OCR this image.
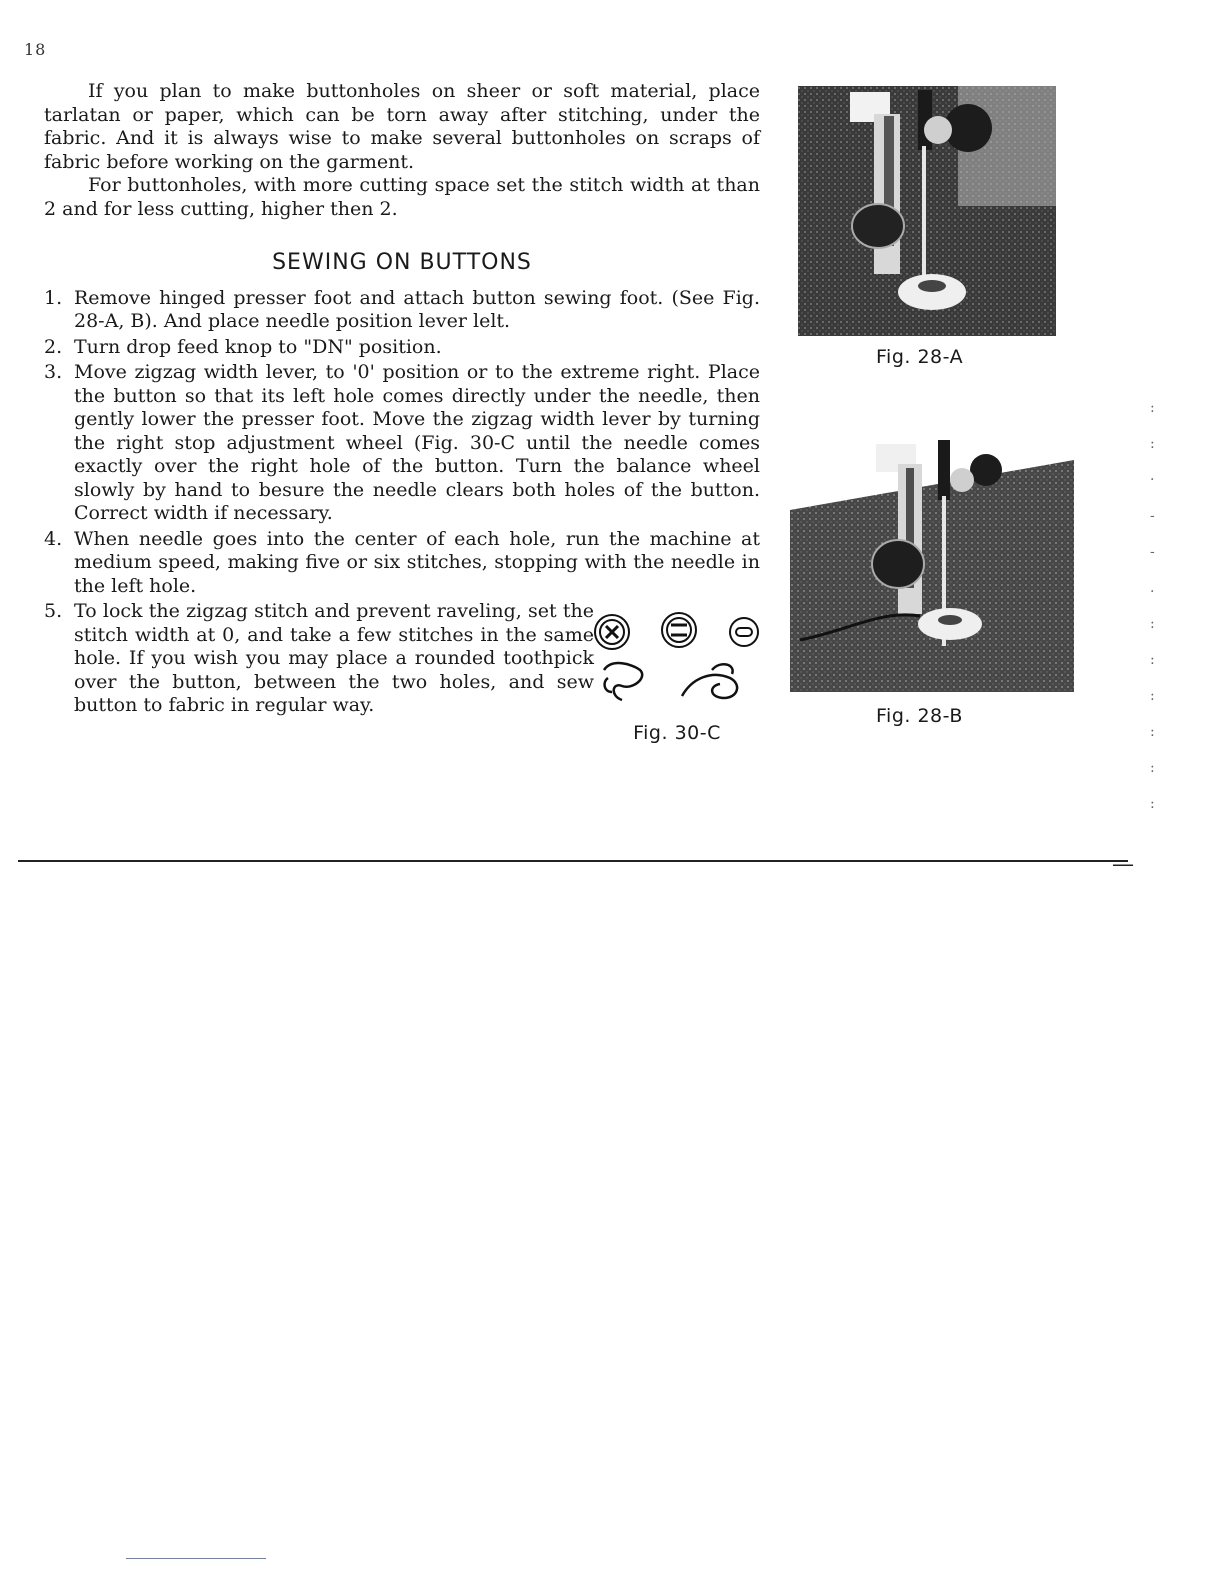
18

If you plan to make buttonholes on sheer or soft material, place tarlatan or paper, which can be torn away after stitching, under the fabric. And it is always wise to make several buttonholes on scraps of fabric before working on the garment.

For buttonholes, with more cutting space set the stitch width at than 2 and for less cutting, higher then 2.

SEWING ON BUTTONS
1. Remove hinged presser foot and attach button sewing foot. (See Fig. 28-A, B). And place needle position lever lelt.
2. Turn drop feed knop to "DN" position.
3. Move zigzag width lever, to '0' position or to the extreme right. Place the button so that its left hole comes directly under the needle, then gently lower the presser foot. Move the zigzag width lever by turning the right stop adjustment wheel (Fig. 30-C until the needle comes exactly over the right hole of the button. Turn the balance wheel slowly by hand to besure the needle clears both holes of the button. Correct width if necessary.
4. When needle goes into the center of each hole, run the machine at medium speed, making five or six stitches, stopping with the needle in the left hole.
5. To lock the zigzag stitch and prevent raveling, set the stitch width at 0, and take a few stitches in the same hole. If you wish you may place a rounded toothpick over the button, between the two holes, and sew button to fabric in regular way.
Fig. 30-C
Fig. 28-A
Fig. 28-B
—
:
:
·
-
-
.
:
:
:
:
:
:
